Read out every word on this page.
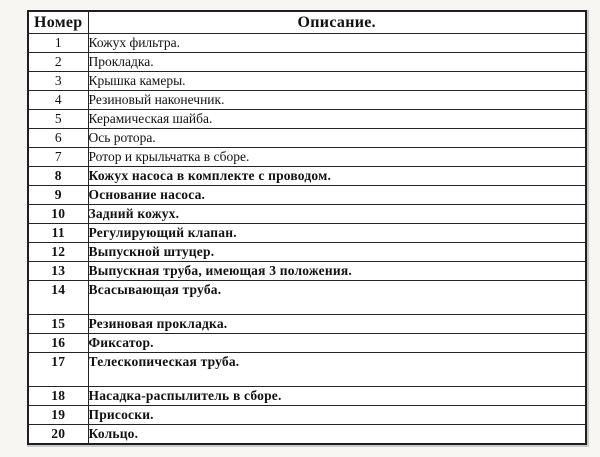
Номер	Описание.
1	Кожух фильтра.
2	Прокладка.
3	Крышка камеры.
4	Резиновый наконечник.
5	Керамическая шайба.
6	Ось ротора.
7	Ротор и крыльчатка в сборе.
8	Кожух насоса в комплекте с проводом.
9	Основание насоса.
10	Задний кожух.
11	Регулирующий клапан.
12	Выпускной штуцер.
13	Выпускная труба, имеющая 3 положения.
14	Всасывающая труба.
15	Резиновая прокладка.
16	Фиксатор.
17	Телескопическая труба.
18	Насадка-распылитель в сборе.
19	Присоски.
20	Кольцо.
